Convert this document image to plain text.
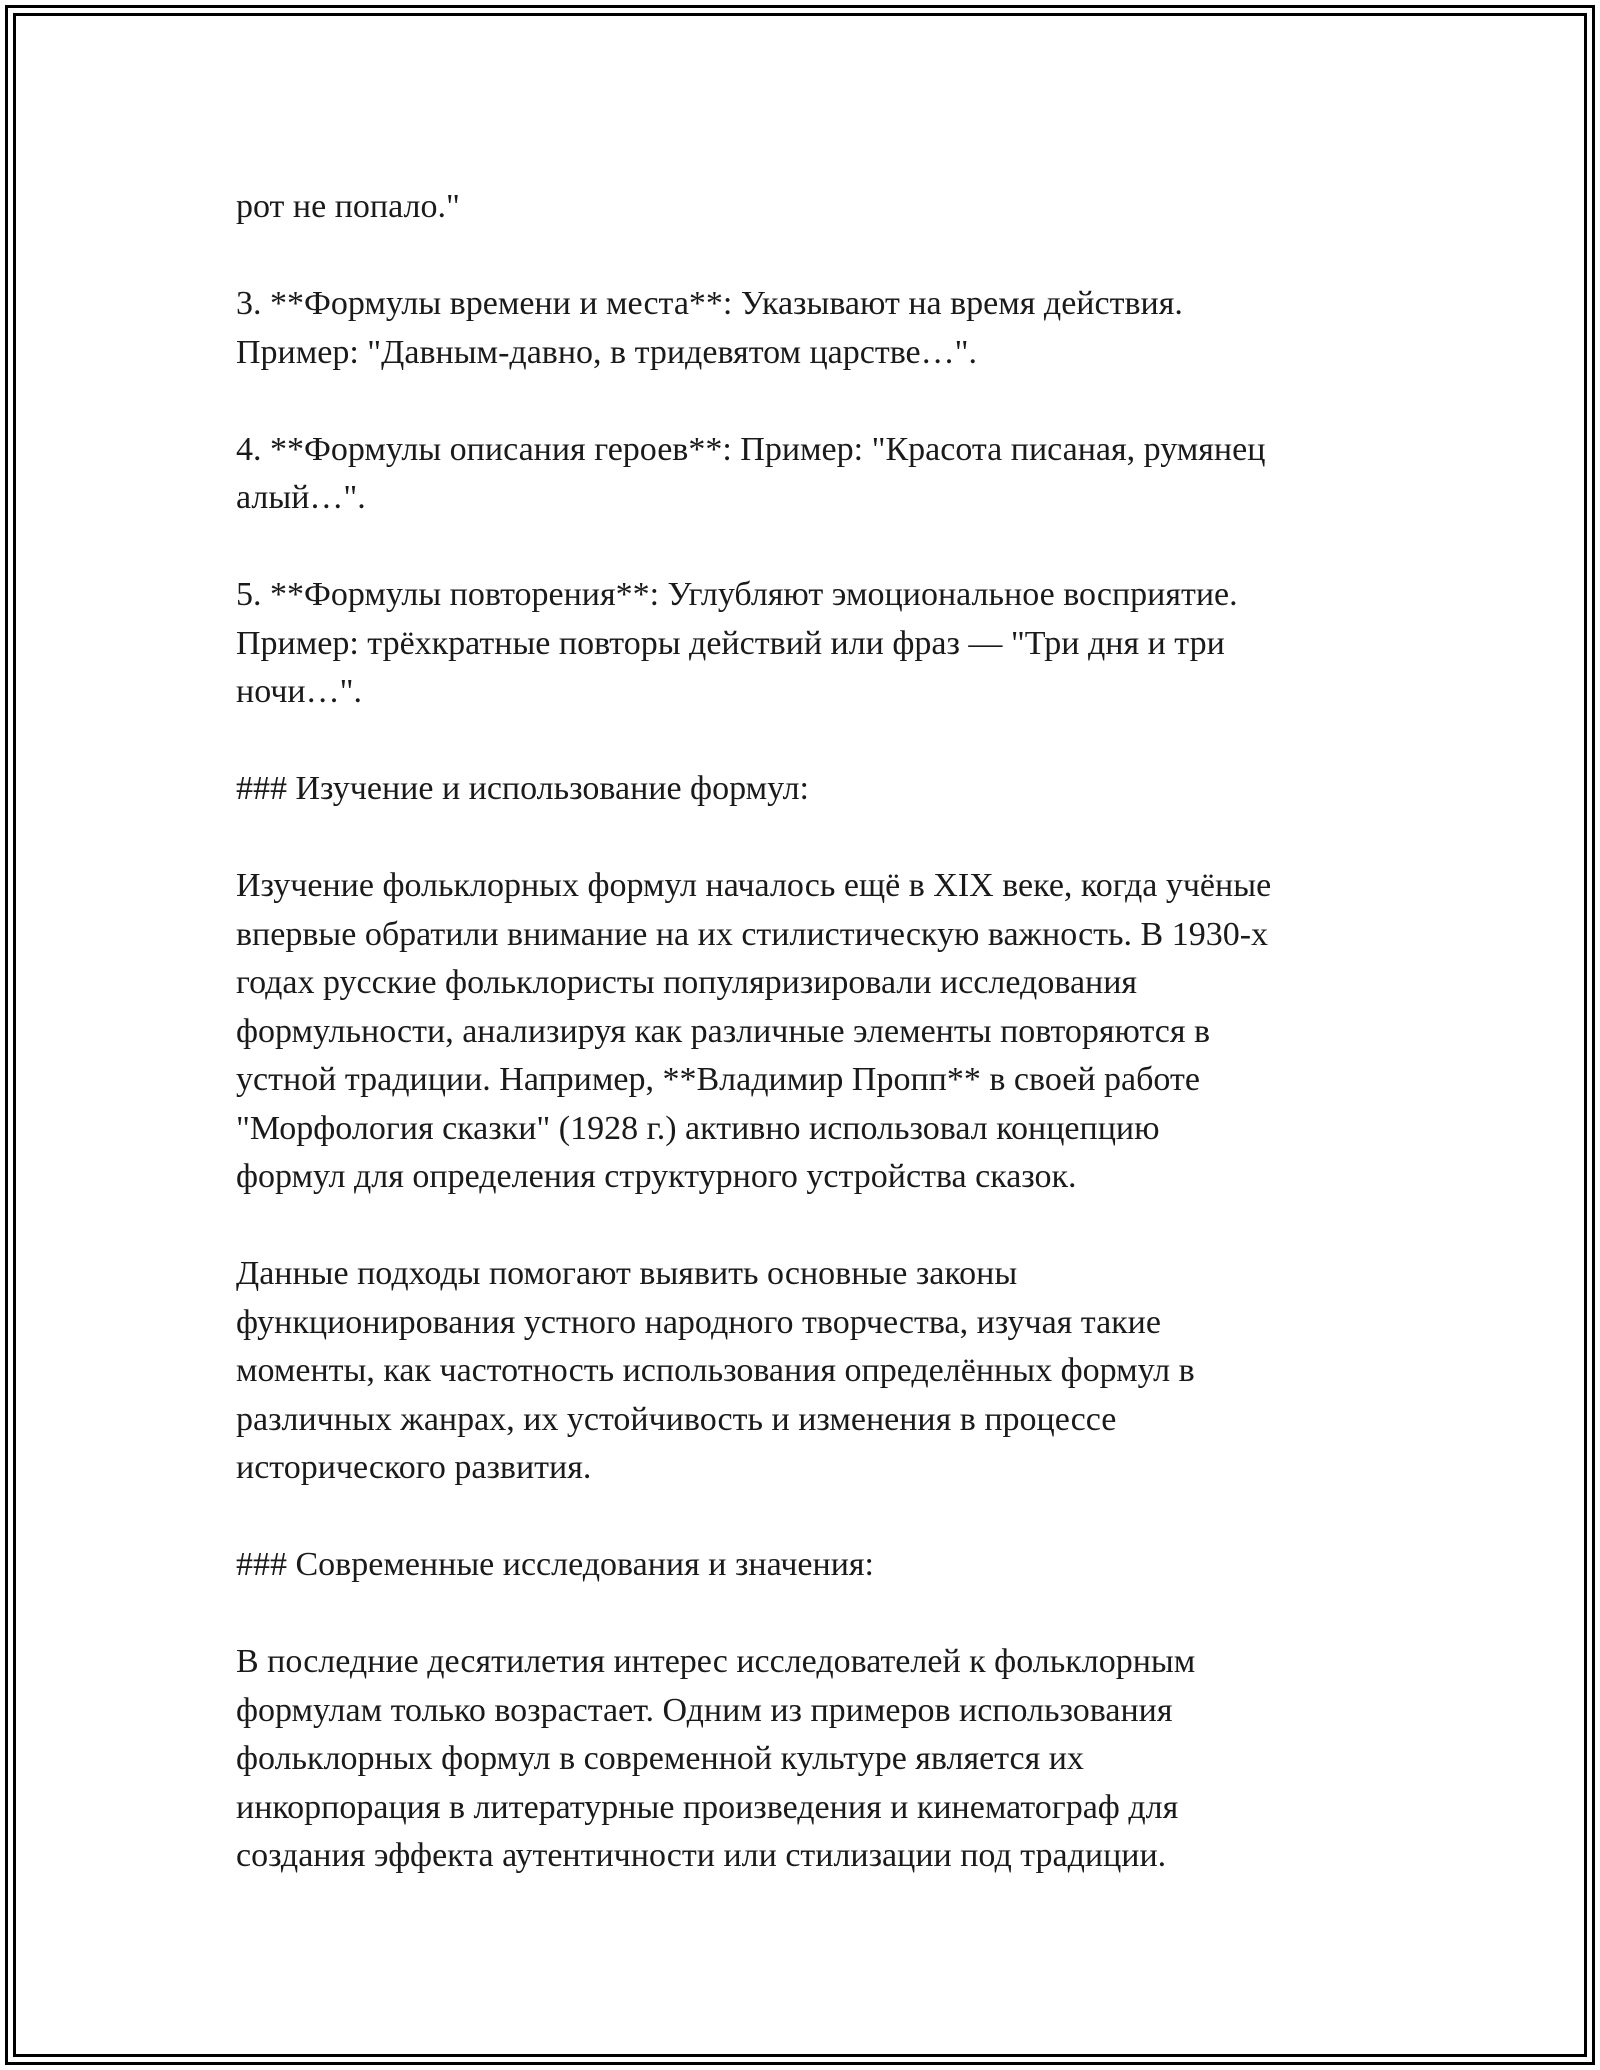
рот не попало."

3. **Формулы времени и места**: Указывают на время действия.
Пример: "Давным-давно, в тридевятом царстве…".

4. **Формулы описания героев**: Пример: "Красота писаная, румянец
алый…".

5. **Формулы повторения**: Углубляют эмоциональное восприятие.
Пример: трёхкратные повторы действий или фраз — "Три дня и три
ночи…".

### Изучение и использование формул:

Изучение фольклорных формул началось ещё в XIX веке, когда учёные
впервые обратили внимание на их стилистическую важность. В 1930-х
годах русские фольклористы популяризировали исследования
формульности, анализируя как различные элементы повторяются в
устной традиции. Например, **Владимир Пропп** в своей работе
"Морфология сказки" (1928 г.) активно использовал концепцию
формул для определения структурного устройства сказок.

Данные подходы помогают выявить основные законы
функционирования устного народного творчества, изучая такие
моменты, как частотность использования определённых формул в
различных жанрах, их устойчивость и изменения в процессе
исторического развития.

### Современные исследования и значения:

В последние десятилетия интерес исследователей к фольклорным
формулам только возрастает. Одним из примеров использования
фольклорных формул в современной культуре является их
инкорпорация в литературные произведения и кинематограф для
создания эффекта аутентичности или стилизации под традиции.
